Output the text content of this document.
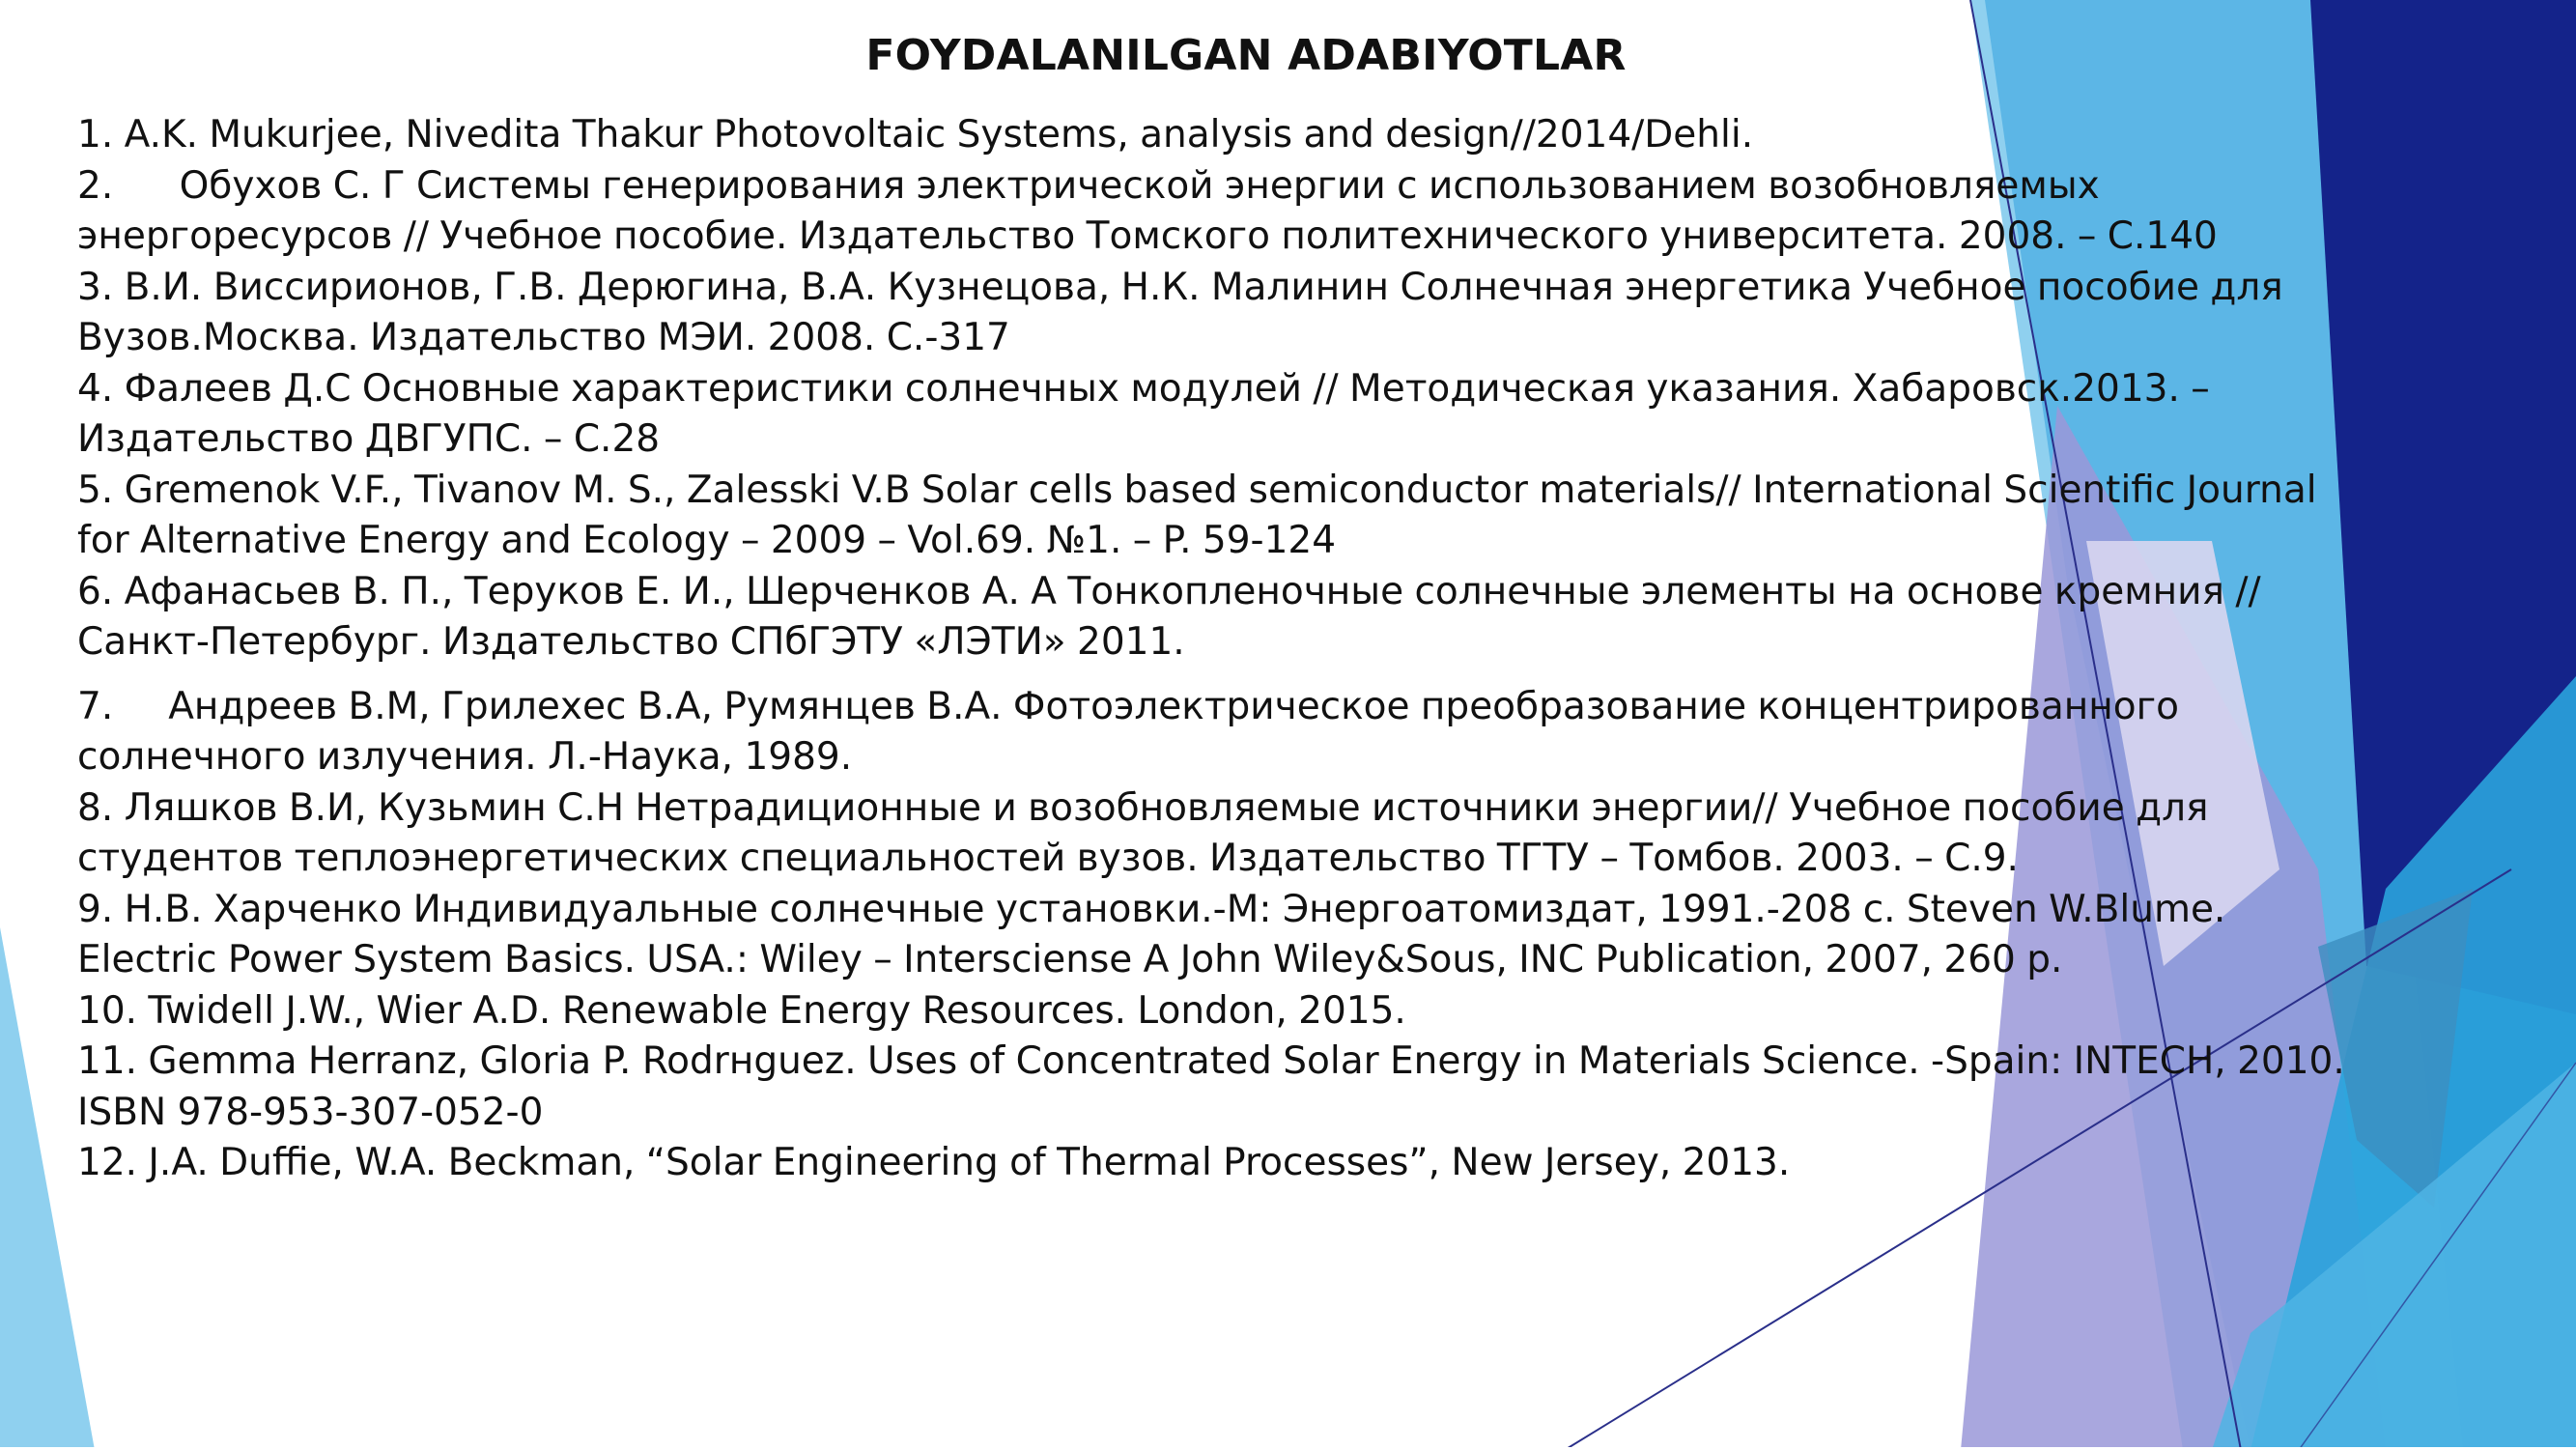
FOYDALANILGAN ADABIYOTLAR
1. A.K. Mukurjee, Nivedita Thakur Photovoltaic Systems, analysis and design//2014/Dehli.
2.      Обухов С. Г Системы генерирования электрической энергии с использованием возобновляемых энергоресурсов // Учебное пособие. Издательство Томского политехнического университета. 2008. – С.140
3. В.И. Виссирионов, Г.В. Дерюгина, В.А. Кузнецова, Н.К. Малинин Солнечная энергетика Учебное пособие для Вузов.Москва. Издательство МЭИ. 2008. С.-317
4. Фалеев Д.С Основные характеристики солнечных модулей // Методическая указания. Хабаровск.2013. – Издательство ДВГУПС. – С.28
5. Gremenok V.F., Tivanov M. S., Zalesski V.B Solar cells based semiconductor materials// International Scientific Journal for Alternative Energy and Ecology – 2009 – Vol.69. №1. – P. 59-124
6. Афанасьев В. П., Теруков Е. И., Шерченков А. А Тонкопленочные солнечные элементы на основе кремния // Санкт-Петербург. Издательство СПбГЭТУ «ЛЭТИ» 2011.
7.     Андреев В.М, Грилехес В.А, Румянцев В.А. Фотоэлектрическое преобразование концентрированного солнечного излучения. Л.-Наука, 1989.
8. Ляшков В.И, Кузьмин С.Н Нетрадиционные и возобновляемые источники энергии// Учебное пособие для студентов теплоэнергетических специальностей вузов. Издательство ТГТУ – Томбов. 2003. – С.9.
9. Н.В. Харченко Индивидуальные солнечные установки.-М: Энергоатомиздат, 1991.-208 с. Steven W.Blume. Electric Power System Basics. USA.: Wiley – Intersciense A John Wiley&Sous, INC Publication, 2007, 260 p.
10. Twidell J.W., Wier A.D. Renewable Energy Resources. London, 2015.
11. Gemma Herranz, Gloria P. Rodrнguez. Uses of Concentrated Solar Energy in Materials Science. -Spain: INTECH, 2010. ISBN 978-953-307-052-0
12. J.A. Duffie, W.A. Beckman, “Solar Engineering of Thermal Processes”, New Jersey, 2013.
